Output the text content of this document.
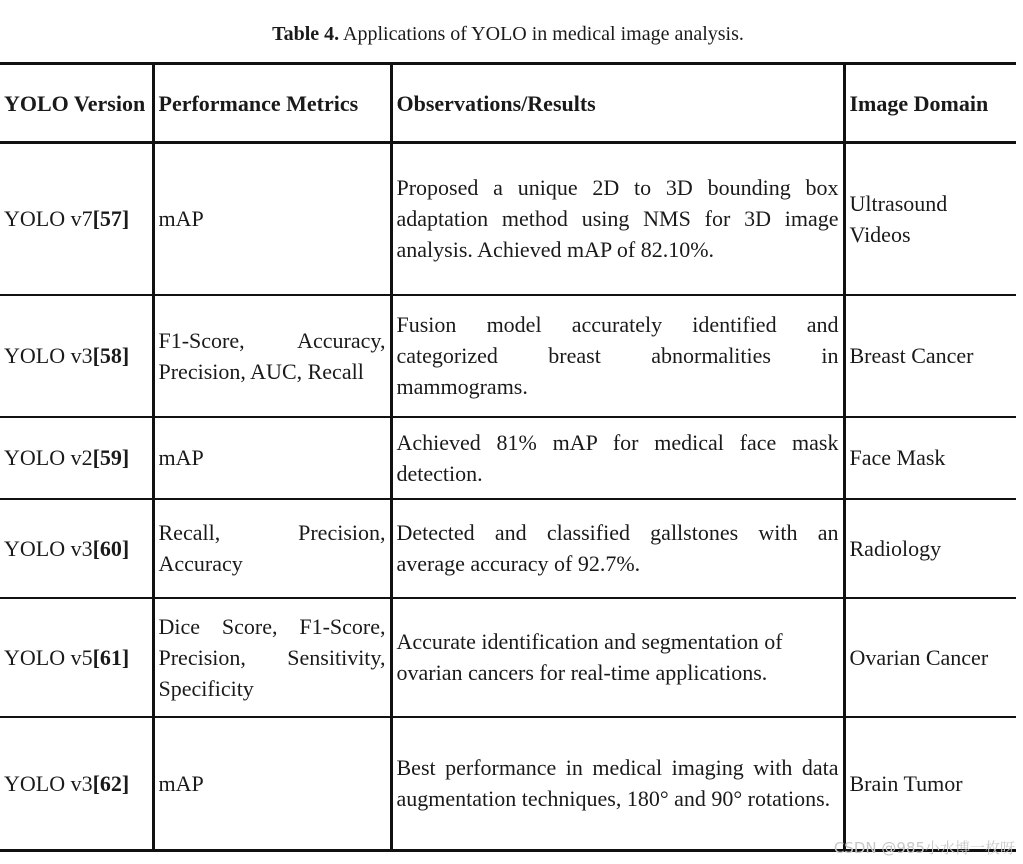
Table 4. Applications of YOLO in medical image analysis.
YOLO Version	Performance Metrics	Observations/Results	Image Domain
YOLO v7[57]	mAP	Proposed a unique 2D to 3D bounding box adaptation method using NMS for 3D image analysis. Achieved mAP of 82.10%.	Ultrasound Videos
YOLO v3[58]	F1-Score, Accuracy, Precision, AUC, Recall	Fusion model accurately identified and categorized breast abnormalities in mammograms.	Breast Cancer
YOLO v2[59]	mAP	Achieved 81% mAP for medical face mask detection.	Face Mask
YOLO v3[60]	Recall, Precision, Accuracy	Detected and classified gallstones with an average accuracy of 92.7%.	Radiology
YOLO v5[61]	Dice Score, F1-Score, Precision, Sensitivity, Specificity	Accurate identification and segmentation of ovarian cancers for real-time applications.	Ovarian Cancer
YOLO v3[62]	mAP	Best performance in medical imaging with data augmentation techniques, 180° and 90° rotations.	Brain Tumor
CSDN @985小水博一枚呀
